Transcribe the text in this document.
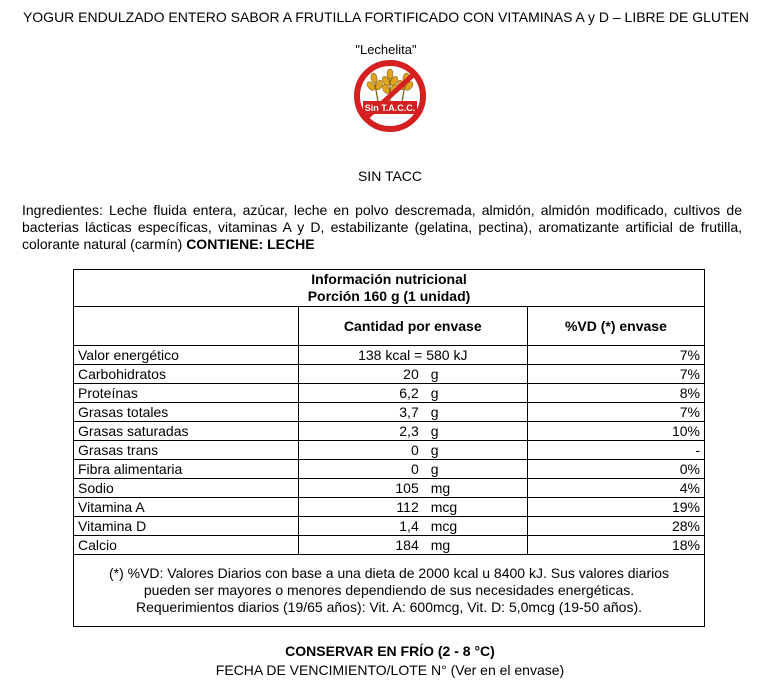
YOGUR ENDULZADO ENTERO SABOR A FRUTILLA FORTIFICADO CON VITAMINAS A y D – LIBRE DE GLUTEN
"Lechelita"
Sin T.A.C.C.
SIN TACC
Ingredientes: Leche fluida entera, azúcar, leche en polvo descremada, almidón, almidón modificado, cultivos de bacterias lácticas específicas, vitaminas A y D, estabilizante (gelatina, pectina), aromatizante artificial de frutilla, colorante natural (carmín) CONTIENE: LECHE
Información nutricional
Porción 160 g (1 unidad)		

	Cantidad por envase	%VD (*) envase
Valor energético	138 kcal = 580 kJ	7%
Carbohidratos	20 g	7%
Proteínas	6,2 g	8%
Grasas totales	3,7 g	7%
Grasas saturadas	2,3 g	10%
Grasas trans	0 g	-
Fibra alimentaria	0 g	0%
Sodio	105 mg	4%
Vitamina A	112 mcg	19%
Vitamina D	1,4 mcg	28%
Calcio	184 mg	18%
(*) %VD: Valores Diarios con base a una dieta de 2000 kcal u 8400 kJ. Sus valores diarios pueden ser mayores o menores dependiendo de sus necesidades energéticas. Requerimientos diarios (19/65 años): Vit. A: 600mcg, Vit. D: 5,0mcg (19-50 años).		
CONSERVAR EN FRÍO (2 - 8 °C)
FECHA DE VENCIMIENTO/LOTE N° (Ver en el envase)
